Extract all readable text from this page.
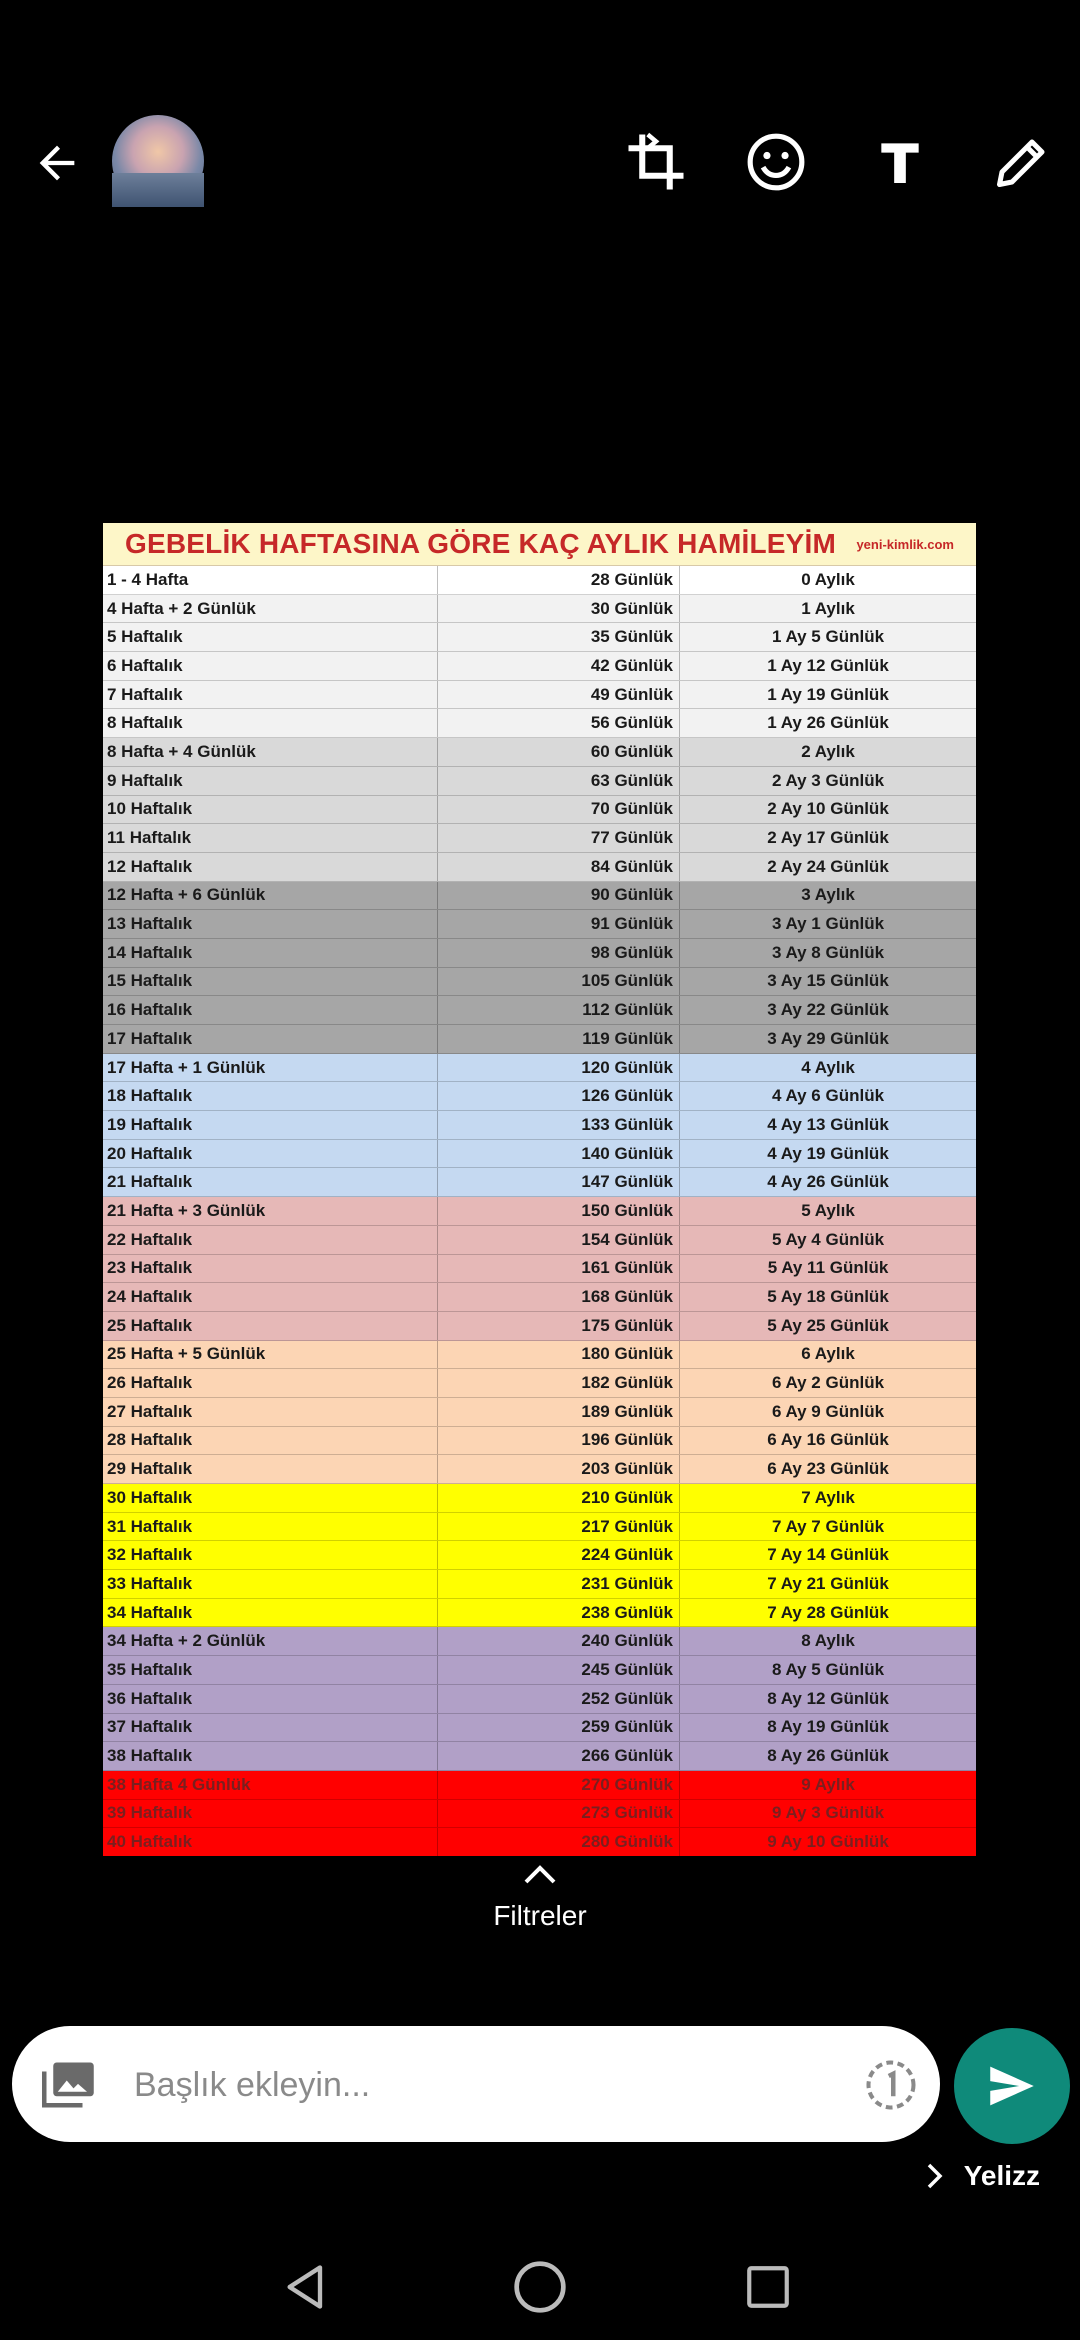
GEBELİK HAFTASINA GÖRE KAÇ AYLIK HAMİLEYİM yeni-kimlik.com
1 - 4 Hafta	28 Günlük	0 Aylık
4 Hafta + 2 Günlük	30 Günlük	1 Aylık
5 Haftalık	35 Günlük	1 Ay 5 Günlük
6 Haftalık	42 Günlük	1 Ay 12 Günlük
7 Haftalık	49 Günlük	1 Ay 19 Günlük
8 Haftalık	56 Günlük	1 Ay 26 Günlük
8 Hafta + 4 Günlük	60 Günlük	2 Aylık
9 Haftalık	63 Günlük	2 Ay 3 Günlük
10 Haftalık	70 Günlük	2 Ay 10 Günlük
11 Haftalık	77 Günlük	2 Ay 17 Günlük
12 Haftalık	84 Günlük	2 Ay 24 Günlük
12 Hafta + 6 Günlük	90 Günlük	3 Aylık
13 Haftalık	91 Günlük	3 Ay 1 Günlük
14 Haftalık	98 Günlük	3 Ay 8 Günlük
15 Haftalık	105 Günlük	3 Ay 15 Günlük
16 Haftalık	112 Günlük	3 Ay 22 Günlük
17 Haftalık	119 Günlük	3 Ay 29 Günlük
17 Hafta + 1 Günlük	120 Günlük	4 Aylık
18 Haftalık	126 Günlük	4 Ay 6 Günlük
19 Haftalık	133 Günlük	4 Ay 13 Günlük
20 Haftalık	140 Günlük	4 Ay 19 Günlük
21 Haftalık	147 Günlük	4 Ay 26 Günlük
21 Hafta + 3 Günlük	150 Günlük	5 Aylık
22 Haftalık	154 Günlük	5 Ay 4 Günlük
23 Haftalık	161 Günlük	5 Ay 11 Günlük
24 Haftalık	168 Günlük	5 Ay 18 Günlük
25 Haftalık	175 Günlük	5 Ay 25 Günlük
25 Hafta + 5 Günlük	180 Günlük	6 Aylık
26 Haftalık	182 Günlük	6 Ay 2 Günlük
27 Haftalık	189 Günlük	6 Ay 9 Günlük
28 Haftalık	196 Günlük	6 Ay 16 Günlük
29 Haftalık	203 Günlük	6 Ay 23 Günlük
30 Haftalık	210 Günlük	7 Aylık
31 Haftalık	217 Günlük	7 Ay 7 Günlük
32 Haftalık	224 Günlük	7 Ay 14 Günlük
33 Haftalık	231 Günlük	7 Ay 21 Günlük
34 Haftalık	238 Günlük	7 Ay 28 Günlük
34 Hafta + 2 Günlük	240 Günlük	8 Aylık
35 Haftalık	245 Günlük	8 Ay 5 Günlük
36 Haftalık	252 Günlük	8 Ay 12 Günlük
37 Haftalık	259 Günlük	8 Ay 19 Günlük
38 Haftalık	266 Günlük	8 Ay 26 Günlük
38 Hafta 4 Günlük	270 Günlük	9 Aylık
39 Haftalık	273 Günlük	9 Ay 3 Günlük
40 Haftalık	280 Günlük	9 Ay 10 Günlük
Filtreler
Başlık ekleyin...
Yelizz
